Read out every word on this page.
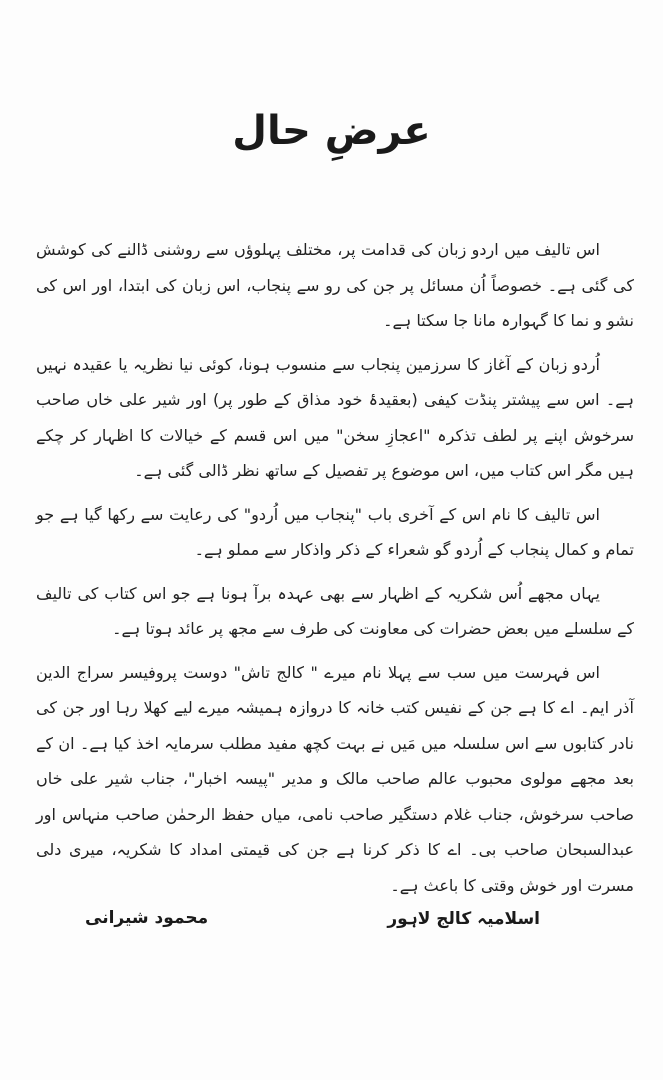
عرضِ حال

اس تالیف میں اردو زبان کی قدامت پر، مختلف پہلوؤں سے روشنی ڈالنے کی کوشش کی گئی ہے۔ خصوصاً اُن مسائل پر جن کی رو سے پنجاب، اس زبان کی ابتدا، اور اس کی نشو و نما کا گہوارہ مانا جا سکتا ہے۔

اُردو زبان کے آغاز کا سرزمین پنجاب سے منسوب ہونا، کوئی نیا نظریہ یا عقیدہ نہیں ہے۔ اس سے پیشتر پنڈت کیفی (بعقیدۂ خود مذاق کے طور پر) اور شیر علی خاں صاحب سرخوش اپنے پر لطف تذکرہ "اعجازِ سخن" میں اس قسم کے خیالات کا اظہار کر چکے ہیں مگر اس کتاب میں، اس موضوع پر تفصیل کے ساتھ نظر ڈالی گئی ہے۔

اس تالیف کا نام اس کے آخری باب "پنجاب میں اُردو" کی رعایت سے رکھا گیا ہے جو تمام و کمال پنجاب کے اُردو گو شعراء کے ذکر واذکار سے مملو ہے۔

یہاں مجھے اُس شکریہ کے اظہار سے بھی عہدہ برآ ہونا ہے جو اس کتاب کی تالیف کے سلسلے میں بعض حضرات کی معاونت کی طرف سے مجھ پر عائد ہوتا ہے۔

اس فہرست میں سب سے پہلا نام میرے " کالج تاش" دوست پروفیسر سراج الدین آذر ایم۔ اے کا ہے جن کے نفیس کتب خانہ کا دروازہ ہمیشہ میرے لیے کھلا رہا اور جن کی نادر کتابوں سے اس سلسلہ میں مَیں نے بہت کچھ مفید مطلب سرمایہ اخذ کیا ہے۔ ان کے بعد مجھے مولوی محبوب عالم صاحب مالک و مدیر "پیسہ اخبار"، جناب شیر علی خاں صاحب سرخوش، جناب غلام دستگیر صاحب نامی، میاں حفظ الرحمٰن صاحب منہاس اور عبدالسبحان صاحب بی۔ اے کا ذکر کرنا ہے جن کی قیمتی امداد کا شکریہ، میری دلی مسرت اور خوش وقتی کا باعث ہے۔

اسلامیہ کالج لاہور
محمود شیرانی
